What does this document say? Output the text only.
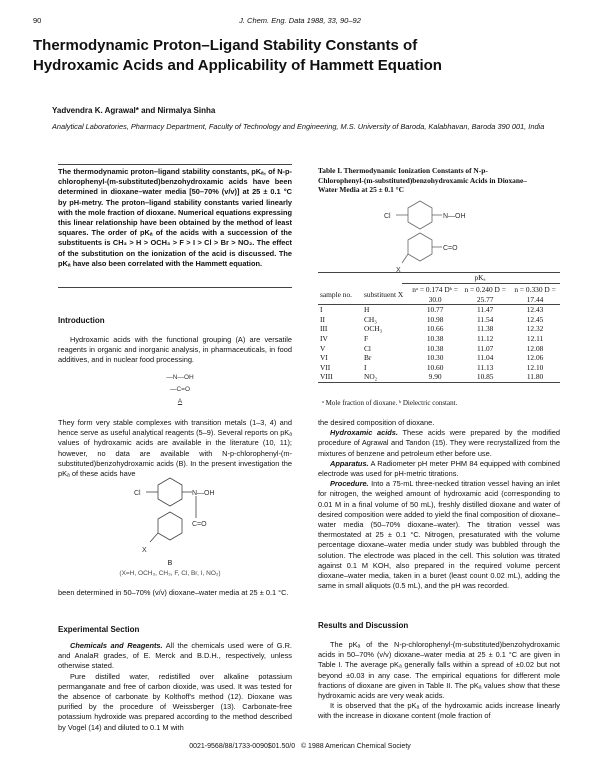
90	J. Chem. Eng. Data 1988, 33, 90–92
Thermodynamic Proton–Ligand Stability Constants of Hydroxamic Acids and Applicability of Hammett Equation
Yadvendra K. Agrawal* and Nirmalya Sinha
Analytical Laboratories, Pharmacy Department, Faculty of Technology and Engineering, M.S. University of Baroda, Kalabhavan, Baroda 390 001, India
The thermodynamic proton–ligand stability constants, pKₐ, of N-p-chlorophenyl-(m-substituted)benzohydroxamic acids have been determined in dioxane–water media [50–70% (v/v)] at 25 ± 0.1 °C by pH-metry. The proton–ligand stability constants varied linearly with the mole fraction of dioxane. Numerical equations expressing this linear relationship have been obtained by the method of least squares. The order of pKₐ of the acids with a succession of the substituents is CH₃ > H > OCH₃ > F > I > Cl > Br > NO₂. The effect of the substitution on the ionization of the acid is discussed. The pKₐ have also been correlated with the Hammett equation.
Introduction

Hydroxamic acids with the functional grouping (A) are versatile reagents in organic and inorganic analysis, in pharmaceuticals, in food additives, and in nuclear food processing.

—N—OH
—C=O
A

They form very stable complexes with transition metals (1–3, 4) and hence serve as useful analytical reagents (5–9). Several reports on pKₐ values of hydroxamic acids are available in the literature (10, 11); however, no data are available with N-p-chlorophenyl-(m-substituted)benzohydroxamic acids (B). In the present investigation the pKₐ of these acids have

Cl	N—OH
C=O
X
B
(X=H, OCH₃, CH₃, F, Cl, Br, I, NO₂)

been determined in 50–70% (v/v) dioxane–water media at 25 ± 0.1 °C.

Experimental Section

Chemicals and Reagents. All the chemicals used were of G.R. and AnalaR grades, of E. Merck and B.D.H., respectively, unless otherwise stated.

Pure distilled water, redistilled over alkaline potassium permanganate and free of carbon dioxide, was used. It was tested for the absence of carbonate by Kolthoff's method (12). Dioxane was purified by the procedure of Weissberger (13). Carbonate-free potassium hydroxide was prepared according to the method described by Vogel (14) and diluted to 0.1 M with

0021-9568/88/1733-0090$01.50/0   © 1988 American Chemical Society
Table I. Thermodynamic Ionization Constants of N-p-Chlorophenyl-(m-substituted)benzohydroxamic Acids in Dioxane–Water Media at 25 ± 0.1 °C
Cl	N—OH
C=O
X
pKₐ
sample no.	substituent X	nᵃ = 0.174 Dᵇ = 30.0	n = 0.240 D = 25.77	n = 0.330 D = 17.44
I	H	10.77	11.47	12.43
II	CH₃	10.98	11.54	12.45
III	OCH₃	10.66	11.38	12.32
IV	F	10.38	11.12	12.11
V	Cl	10.38	11.07	12.08
VI	Br	10.30	11.04	12.06
VII	I	10.60	11.13	12.10
VIII	NO₂	9.90	10.85	11.80
ᵃ Mole fraction of dioxane. ᵇ Dielectric constant.

the desired composition of dioxane.

Hydroxamic acids. These acids were prepared by the modified procedure of Agrawal and Tandon (15). They were recrystallized from the mixtures of benzene and petroleum ether before use.

Apparatus. A Radiometer pH meter PHM 84 equipped with combined electrode was used for pH-metric titrations.

Procedure. Into a 75-mL three-necked titration vessel having an inlet for nitrogen, the weighed amount of hydroxamic acid (corresponding to 0.01 M in a final volume of 50 mL), freshly distilled dioxane and water of desired composition were added to yield the final composition of dioxane–water media (50–70% dioxane–water). The titration vessel was thermostated at 25 ± 0.1 °C. Nitrogen, presaturated with the volume percentage dioxane–water media under study was bubbled through the solution. The electrode was placed in the cell. This solution was titrated against 0.1 M KOH, also prepared in the required volume percent dioxane–water media, taken in a buret (least count 0.02 mL), adding the same in small aliquots (0.5 mL), and the pH was recorded.

Results and Discussion

The pKₐ of the N-p-chlorophenyl-(m-substituted)benzohydroxamic acids in 50–70% (v/v) dioxane–water media at 25 ± 0.1 °C are given in Table I. The average pKₐ generally falls within a spread of ±0.02 but not beyond ±0.03 in any case. The empirical equations for different mole fractions of dioxane are given in Table II. The pKₐ values show that these hydroxamic acids are very weak acids.

It is observed that the pKₐ of the hydroxamic acids increase linearly with the increase in dioxane content (mole fraction of
